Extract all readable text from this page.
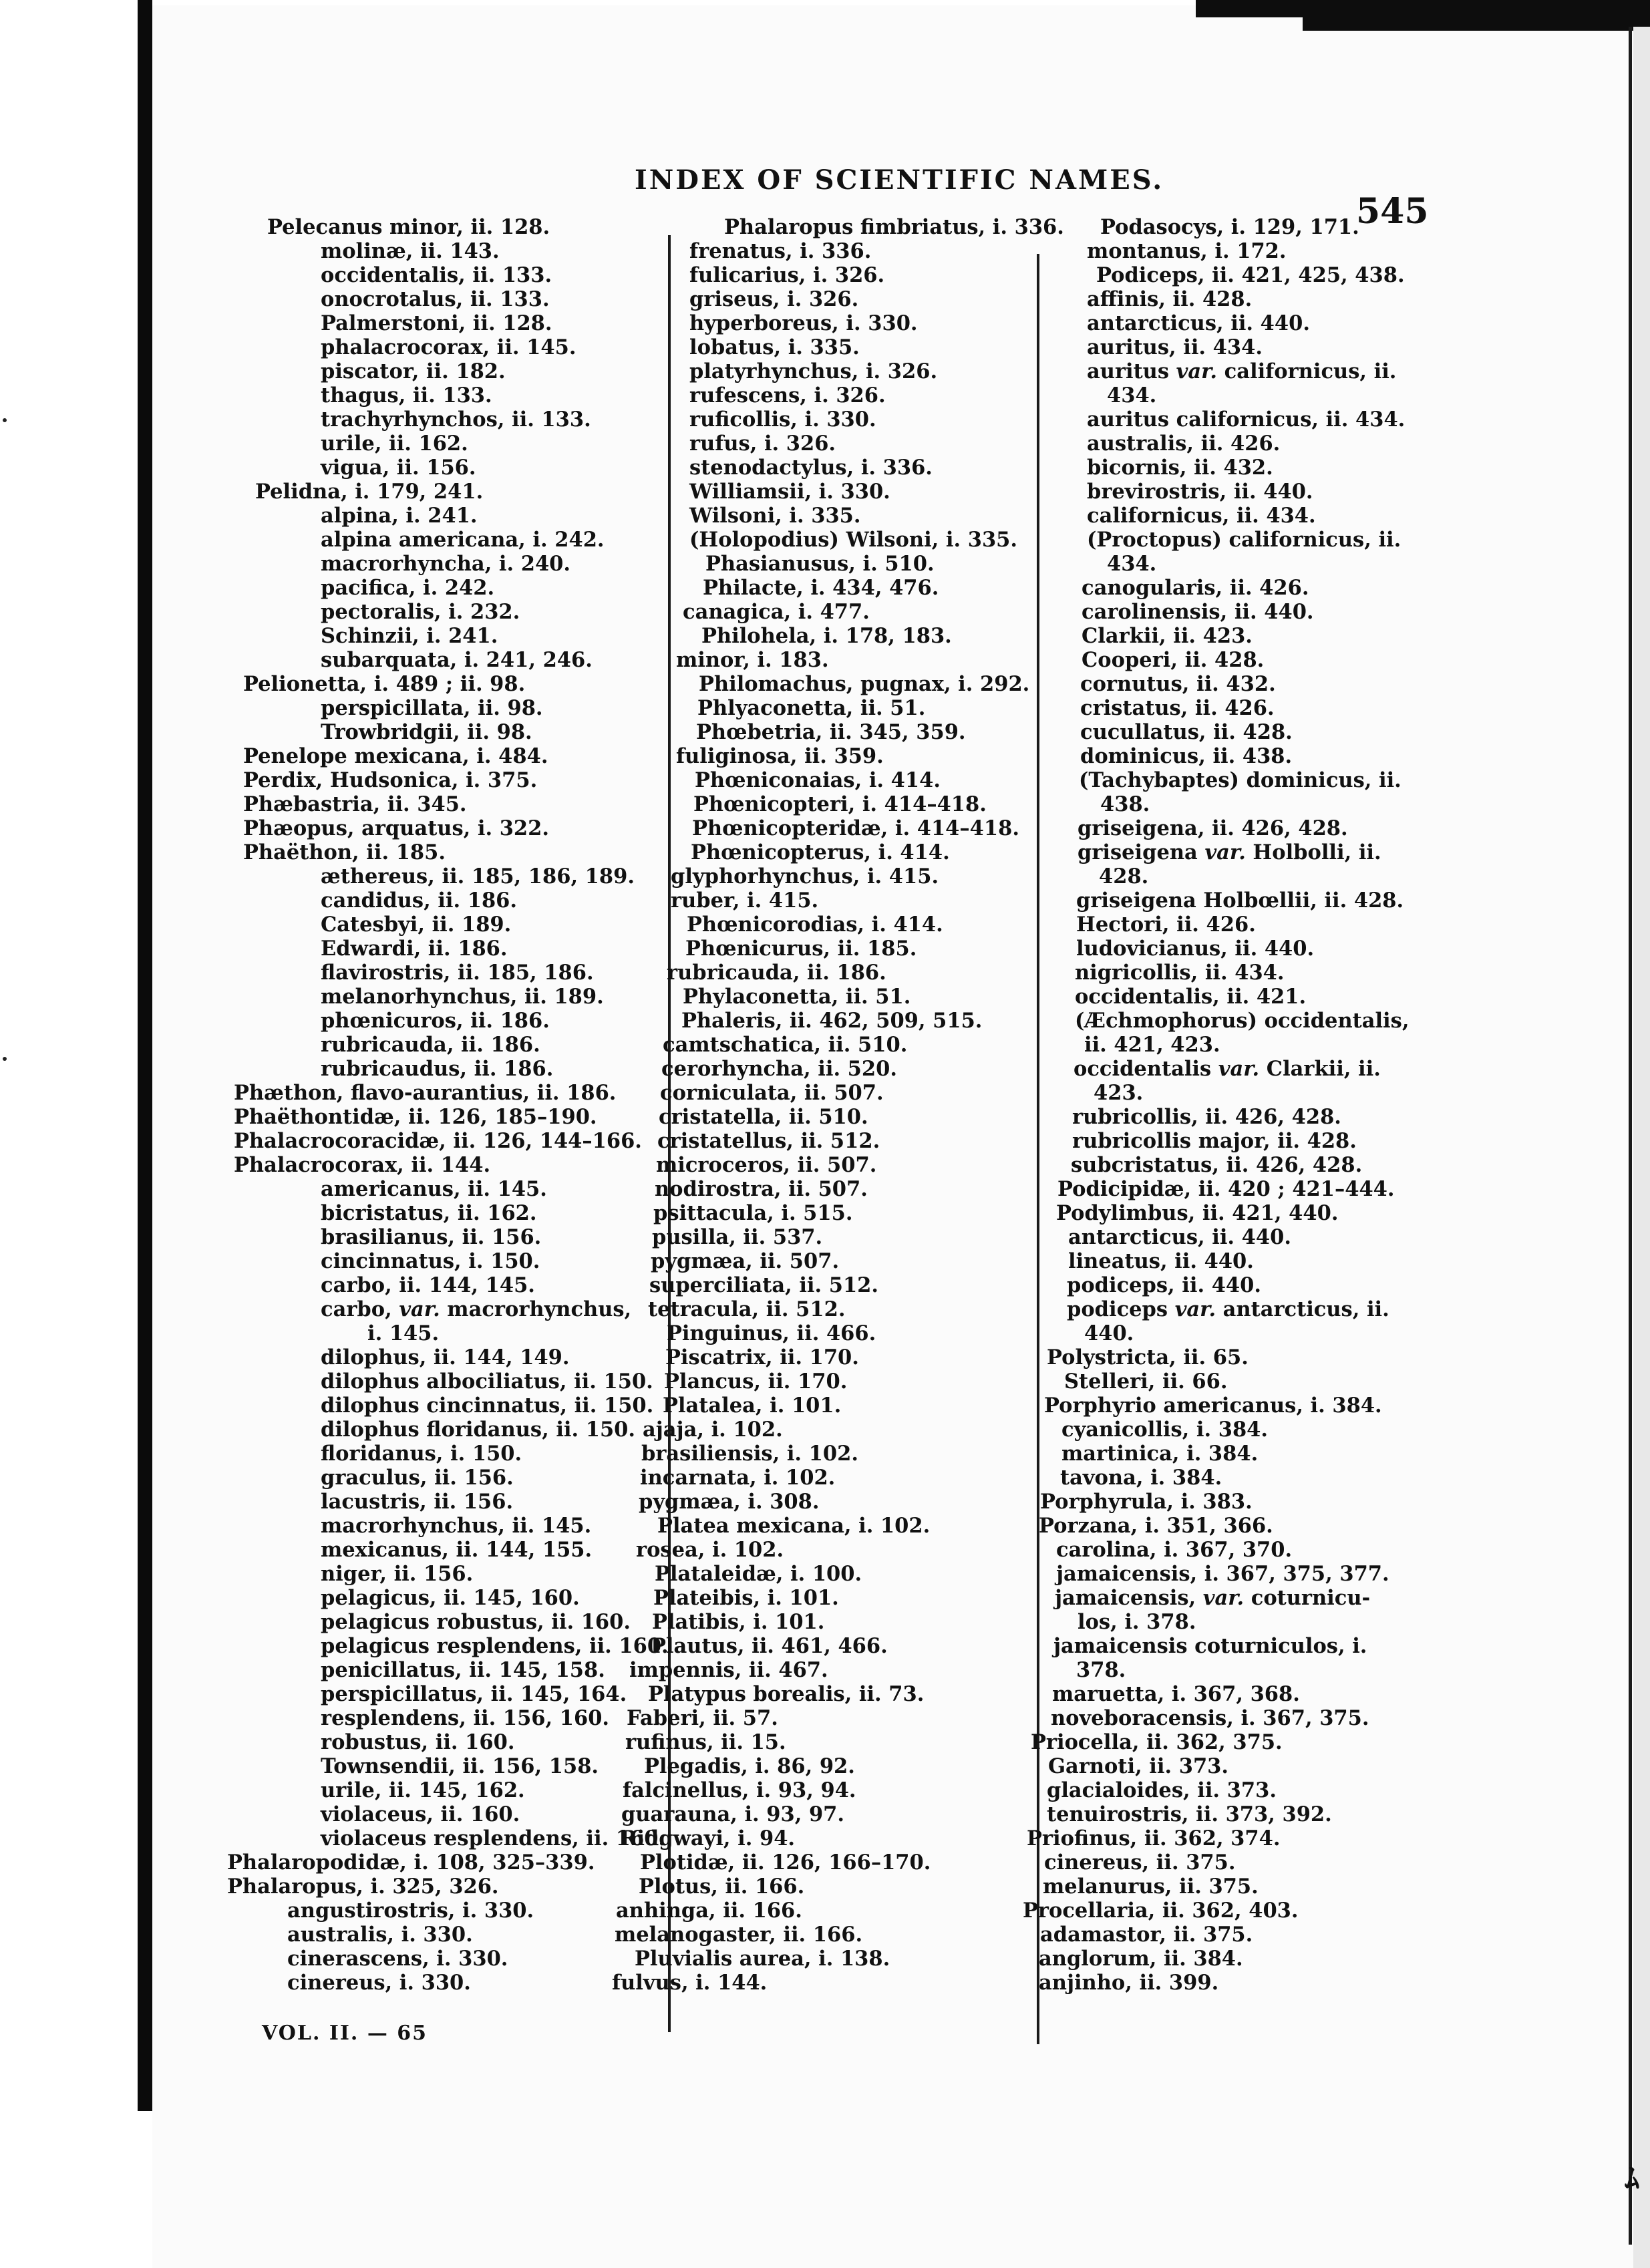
ﾑ
INDEX OF SCIENTIFIC NAMES.
545
Pelecanus minor, ii. 128.
molinæ, ii. 143.
occidentalis, ii. 133.
onocrotalus, ii. 133.
Palmerstoni, ii. 128.
phalacrocorax, ii. 145.
piscator, ii. 182.
thagus, ii. 133.
trachyrhynchos, ii. 133.
urile, ii. 162.
vigua, ii. 156.
Pelidna, i. 179, 241.
alpina, i. 241.
alpina americana, i. 242.
macrorhyncha, i. 240.
pacifica, i. 242.
pectoralis, i. 232.
Schinzii, i. 241.
subarquata, i. 241, 246.
Pelionetta, i. 489 ; ii. 98.
perspicillata, ii. 98.
Trowbridgii, ii. 98.
Penelope mexicana, i. 484.
Perdix, Hudsonica, i. 375.
Phæbastria, ii. 345.
Phæopus, arquatus, i. 322.
Phaëthon, ii. 185.
æthereus, ii. 185, 186, 189.
candidus, ii. 186.
Catesbyi, ii. 189.
Edwardi, ii. 186.
flavirostris, ii. 185, 186.
melanorhynchus, ii. 189.
phœnicuros, ii. 186.
rubricauda, ii. 186.
rubricaudus, ii. 186.
Phæthon, flavo-aurantius, ii. 186.
Phaëthontidæ, ii. 126, 185–190.
Phalacrocoracidæ, ii. 126, 144–166.
Phalacrocorax, ii. 144.
americanus, ii. 145.
bicristatus, ii. 162.
brasilianus, ii. 156.
cincinnatus, i. 150.
carbo, ii. 144, 145.
carbo, var. macrorhynchus,
i. 145.
dilophus, ii. 144, 149.
dilophus albociliatus, ii. 150.
dilophus cincinnatus, ii. 150.
dilophus floridanus, ii. 150.
floridanus, i. 150.
graculus, ii. 156.
lacustris, ii. 156.
macrorhynchus, ii. 145.
mexicanus, ii. 144, 155.
niger, ii. 156.
pelagicus, ii. 145, 160.
pelagicus robustus, ii. 160.
pelagicus resplendens, ii. 160.
penicillatus, ii. 145, 158.
perspicillatus, ii. 145, 164.
resplendens, ii. 156, 160.
robustus, ii. 160.
Townsendii, ii. 156, 158.
urile, ii. 145, 162.
violaceus, ii. 160.
violaceus resplendens, ii. 160.
Phalaropodidæ, i. 108, 325–339.
Phalaropus, i. 325, 326.
angustirostris, i. 330.
australis, i. 330.
cinerascens, i. 330.
cinereus, i. 330.
Phalaropus fimbriatus, i. 336.
frenatus, i. 336.
fulicarius, i. 326.
griseus, i. 326.
hyperboreus, i. 330.
lobatus, i. 335.
platyrhynchus, i. 326.
rufescens, i. 326.
ruficollis, i. 330.
rufus, i. 326.
stenodactylus, i. 336.
Williamsii, i. 330.
Wilsoni, i. 335.
(Holopodius) Wilsoni, i. 335.
Phasianusus, i. 510.
Philacte, i. 434, 476.
canagica, i. 477.
Philohela, i. 178, 183.
minor, i. 183.
Philomachus, pugnax, i. 292.
Phlyaconetta, ii. 51.
Phœbetria, ii. 345, 359.
fuliginosa, ii. 359.
Phœniconaias, i. 414.
Phœnicopteri, i. 414–418.
Phœnicopteridæ, i. 414–418.
Phœnicopterus, i. 414.
glyphorhynchus, i. 415.
ruber, i. 415.
Phœnicorodias, i. 414.
Phœnicurus, ii. 185.
rubricauda, ii. 186.
Phylaconetta, ii. 51.
Phaleris, ii. 462, 509, 515.
camtschatica, ii. 510.
cerorhyncha, ii. 520.
corniculata, ii. 507.
cristatella, ii. 510.
cristatellus, ii. 512.
microceros, ii. 507.
nodirostra, ii. 507.
psittacula, i. 515.
pusilla, ii. 537.
pygmæa, ii. 507.
superciliata, ii. 512.
tetracula, ii. 512.
Pinguinus, ii. 466.
Piscatrix, ii. 170.
Plancus, ii. 170.
Platalea, i. 101.
ajaja, i. 102.
brasiliensis, i. 102.
incarnata, i. 102.
pygmæa, i. 308.
Platea mexicana, i. 102.
rosea, i. 102.
Plataleidæ, i. 100.
Plateibis, i. 101.
Platibis, i. 101.
Plautus, ii. 461, 466.
impennis, ii. 467.
Platypus borealis, ii. 73.
Faberi, ii. 57.
rufinus, ii. 15.
Plegadis, i. 86, 92.
falcinellus, i. 93, 94.
guarauna, i. 93, 97.
Ridgwayi, i. 94.
Plotidæ, ii. 126, 166–170.
Plotus, ii. 166.
anhinga, ii. 166.
melanogaster, ii. 166.
Pluvialis aurea, i. 138.
fulvus, i. 144.
Podasocys, i. 129, 171.
montanus, i. 172.
Podiceps, ii. 421, 425, 438.
affinis, ii. 428.
antarcticus, ii. 440.
auritus, ii. 434.
auritus var. californicus, ii.
434.
auritus californicus, ii. 434.
australis, ii. 426.
bicornis, ii. 432.
brevirostris, ii. 440.
californicus, ii. 434.
(Proctopus) californicus, ii.
434.
canogularis, ii. 426.
carolinensis, ii. 440.
Clarkii, ii. 423.
Cooperi, ii. 428.
cornutus, ii. 432.
cristatus, ii. 426.
cucullatus, ii. 428.
dominicus, ii. 438.
(Tachybaptes) dominicus, ii.
438.
griseigena, ii. 426, 428.
griseigena var. Holbolli, ii.
428.
griseigena Holbœllii, ii. 428.
Hectori, ii. 426.
ludovicianus, ii. 440.
nigricollis, ii. 434.
occidentalis, ii. 421.
(Æchmophorus) occidentalis,
ii. 421, 423.
occidentalis var. Clarkii, ii.
423.
rubricollis, ii. 426, 428.
rubricollis major, ii. 428.
subcristatus, ii. 426, 428.
Podicipidæ, ii. 420 ; 421–444.
Podylimbus, ii. 421, 440.
antarcticus, ii. 440.
lineatus, ii. 440.
podiceps, ii. 440.
podiceps var. antarcticus, ii.
440.
Polystricta, ii. 65.
Stelleri, ii. 66.
Porphyrio americanus, i. 384.
cyanicollis, i. 384.
martinica, i. 384.
tavona, i. 384.
Porphyrula, i. 383.
Porzana, i. 351, 366.
carolina, i. 367, 370.
jamaicensis, i. 367, 375, 377.
jamaicensis, var. coturnicu-
los, i. 378.
jamaicensis coturniculos, i.
378.
maruetta, i. 367, 368.
noveboracensis, i. 367, 375.
Priocella, ii. 362, 375.
Garnoti, ii. 373.
glacialoides, ii. 373.
tenuirostris, ii. 373, 392.
Priofinus, ii. 362, 374.
cinereus, ii. 375.
melanurus, ii. 375.
Procellaria, ii. 362, 403.
adamastor, ii. 375.
anglorum, ii. 384.
anjinho, ii. 399.
VOL. II. — 65
